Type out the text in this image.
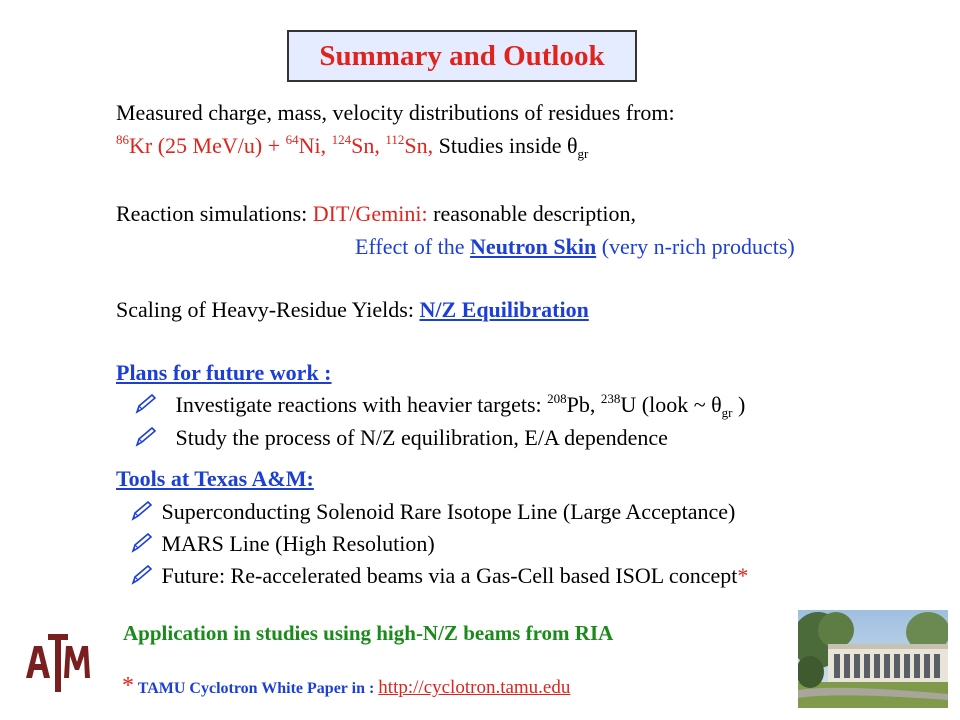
Summary and Outlook
Measured charge, mass, velocity distributions of residues from:
$^{86}$Kr (25 MeV/u) + $^{64}$Ni, $^{124}$Sn, $^{112}$Sn, Studies inside $\theta_{gr}$
Reaction simulations: DIT/Gemini: reasonable description,
Effect of the Neutron Skin (very n-rich products)
Scaling of Heavy-Residue Yields: N/Z Equilibration
Plans for future work :
Investigate reactions with heavier targets: $^{208}$Pb, $^{238}$U (look ~ $\theta_{gr}$ )
Study the process of N/Z equilibration, E/A dependence
Tools at Texas A&M:
Superconducting Solenoid Rare Isotope Line (Large Acceptance)
MARS Line (High Resolution)
Future: Re-accelerated beams via a Gas-Cell based ISOL concept*
Application in studies using high-N/Z beams from RIA
* TAMU Cyclotron White Paper in : http://cyclotron.tamu.edu
